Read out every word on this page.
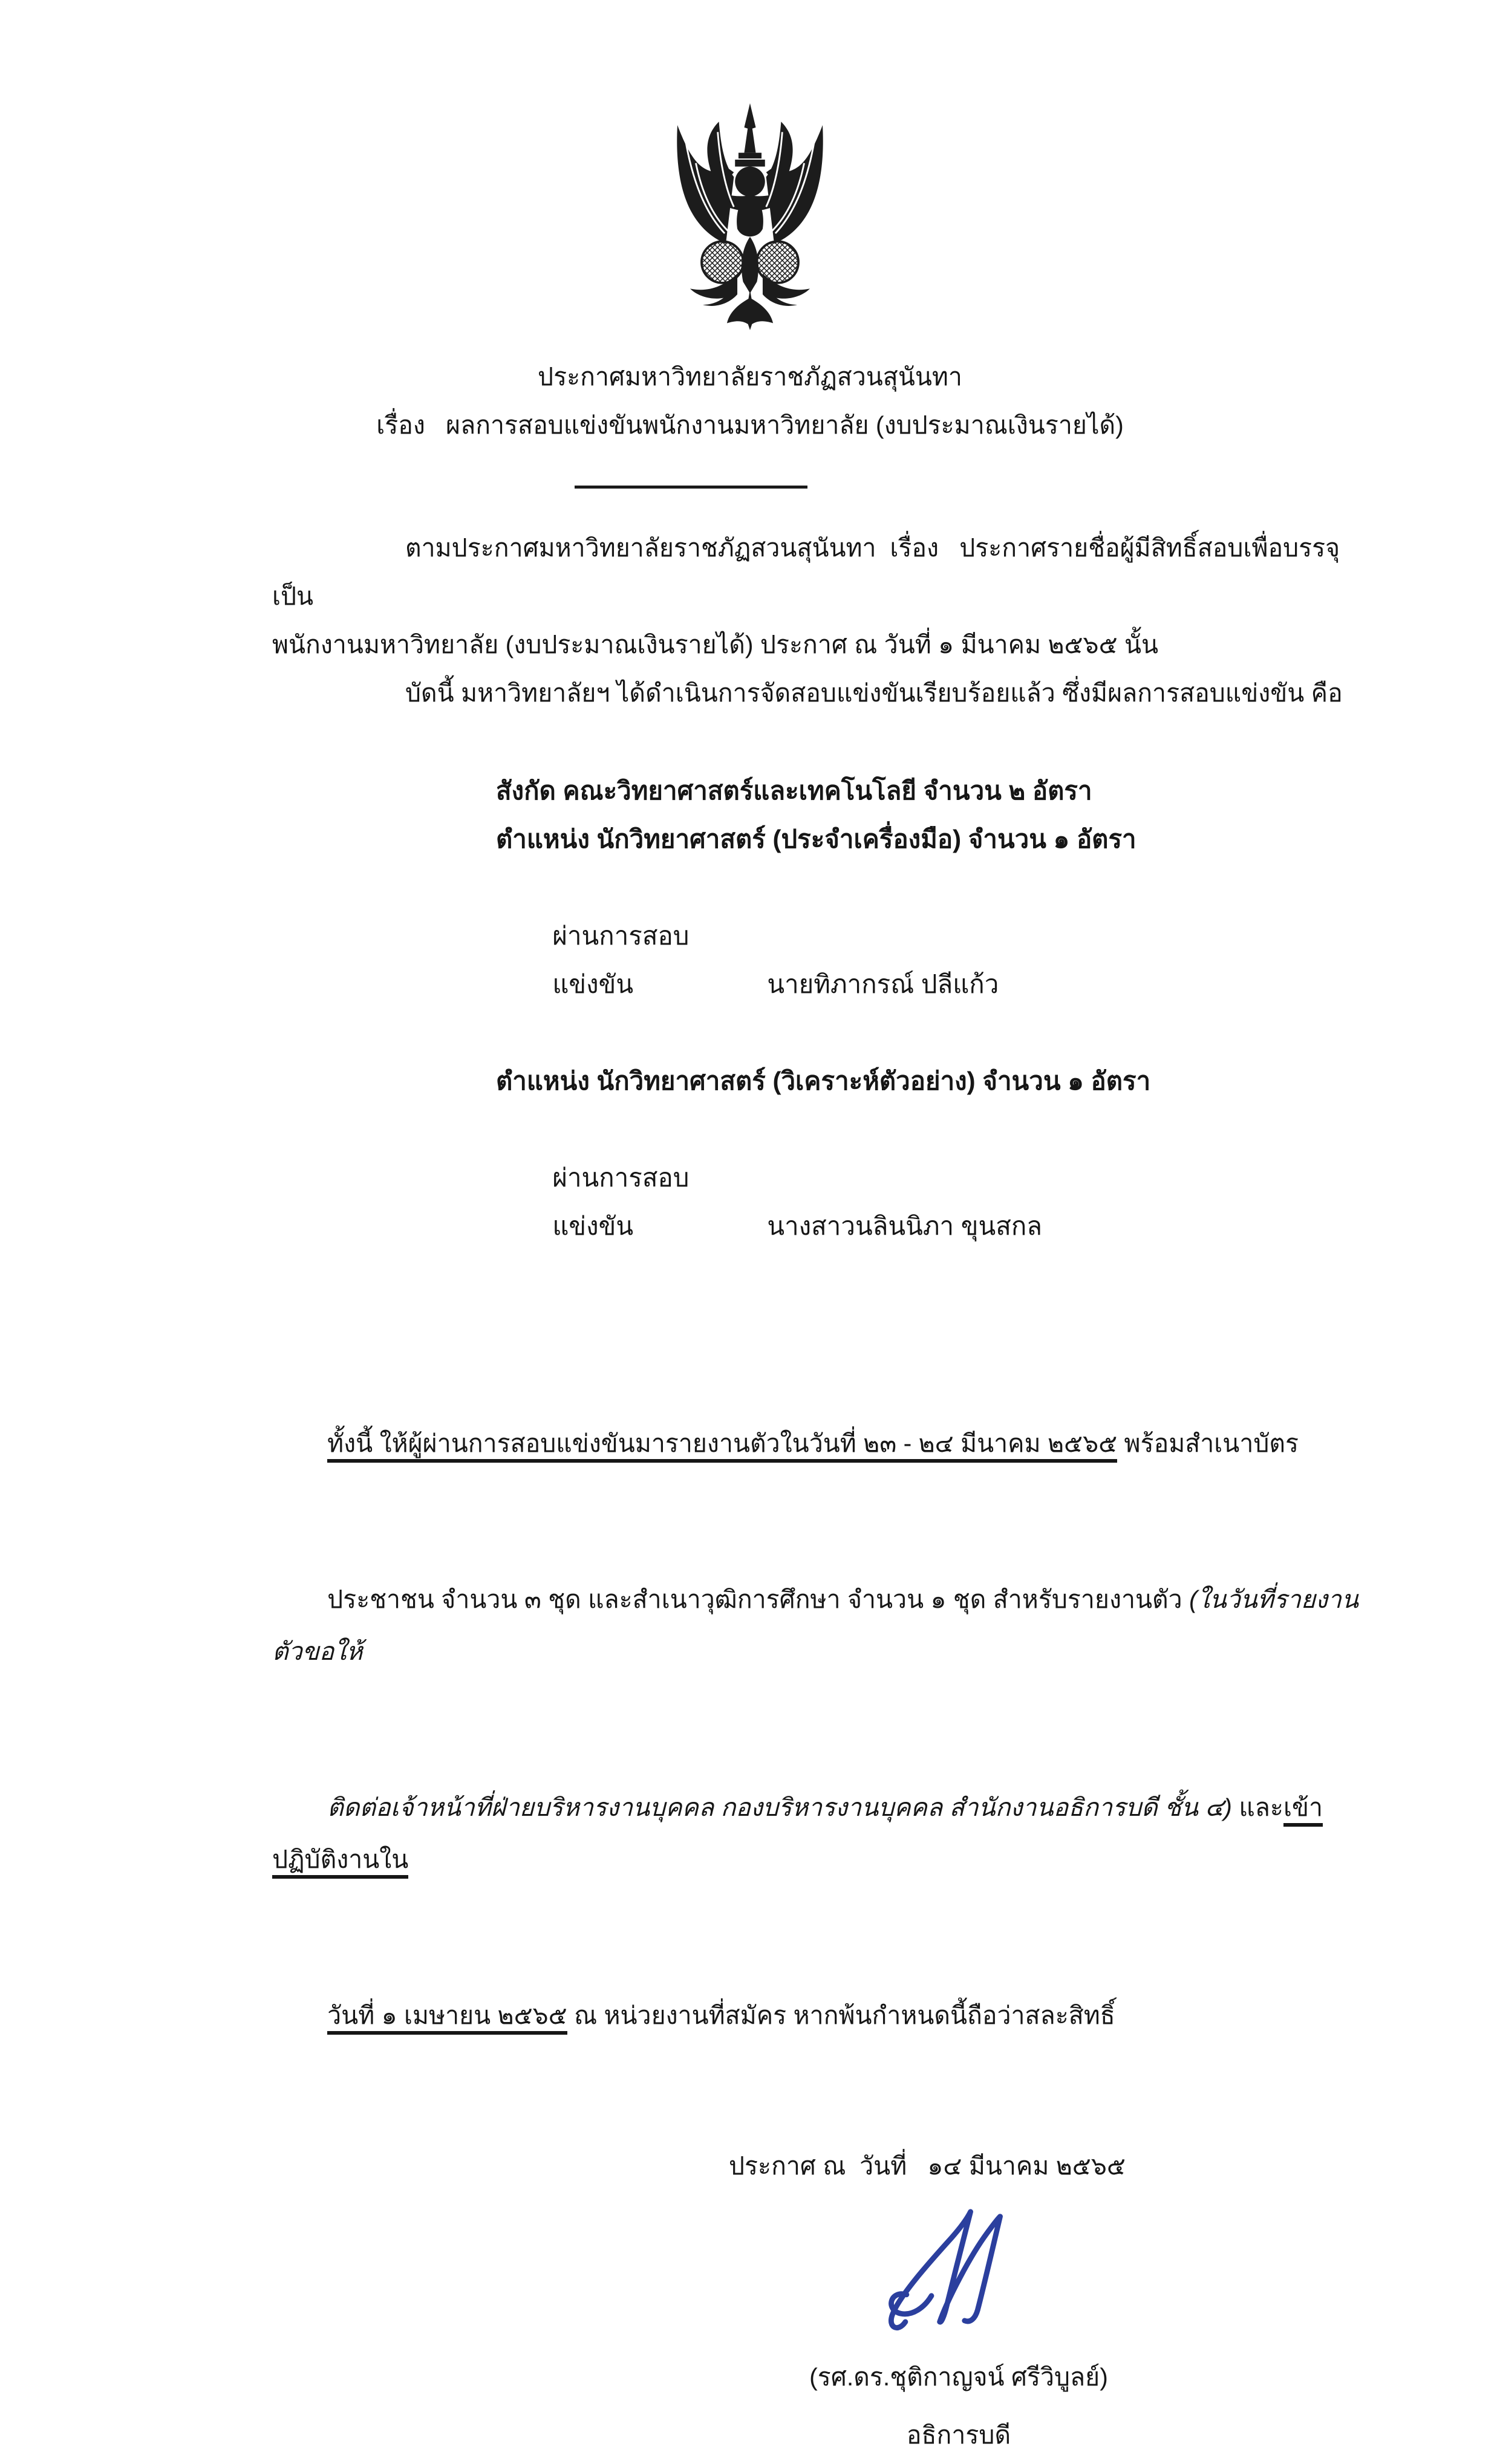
ประกาศมหาวิทยาลัยราชภัฏสวนสุนันทา
เรื่อง   ผลการสอบแข่งขันพนักงานมหาวิทยาลัย (งบประมาณเงินรายได้)
ตามประกาศมหาวิทยาลัยราชภัฏสวนสุนันทา  เรื่อง   ประกาศรายชื่อผู้มีสิทธิ์สอบเพื่อบรรจุเป็น
พนักงานมหาวิทยาลัย (งบประมาณเงินรายได้) ประกาศ ณ วันที่ ๑ มีนาคม ๒๕๖๕ นั้น
บัดนี้ มหาวิทยาลัยฯ ได้ดำเนินการจัดสอบแข่งขันเรียบร้อยแล้ว ซึ่งมีผลการสอบแข่งขัน คือ
สังกัด คณะวิทยาศาสตร์และเทคโนโลยี จำนวน ๒ อัตรา
ตำแหน่ง นักวิทยาศาสตร์ (ประจำเครื่องมือ) จำนวน ๑ อัตรา

ผ่านการสอบแข่งขัน	นายทิภากรณ์ ปลีแก้ว

ตำแหน่ง นักวิทยาศาสตร์ (วิเคราะห์ตัวอย่าง) จำนวน ๑ อัตรา

ผ่านการสอบแข่งขัน	นางสาวนลินนิภา ขุนสกล

ทั้งนี้ ให้ผู้ผ่านการสอบแข่งขันมารายงานตัวในวันที่ ๒๓ - ๒๔ มีนาคม ๒๕๖๕ พร้อมสำเนาบัตร

ประชาชน จำนวน ๓ ชุด และสำเนาวุฒิการศึกษา จำนวน ๑ ชุด สำหรับรายงานตัว (ในวันที่รายงานตัวขอให้

ติดต่อเจ้าหน้าที่ฝ่ายบริหารงานบุคคล กองบริหารงานบุคคล สำนักงานอธิการบดี ชั้น ๔) และเข้าปฏิบัติงานใน

วันที่ ๑ เมษายน ๒๕๖๕ ณ หน่วยงานที่สมัคร หากพ้นกำหนดนี้ถือว่าสละสิทธิ์

ประกาศ ณ  วันที่   ๑๔ มีนาคม ๒๕๖๕
(รศ.ดร.ชุติกาญจน์ ศรีวิบูลย์)
อธิการบดี
